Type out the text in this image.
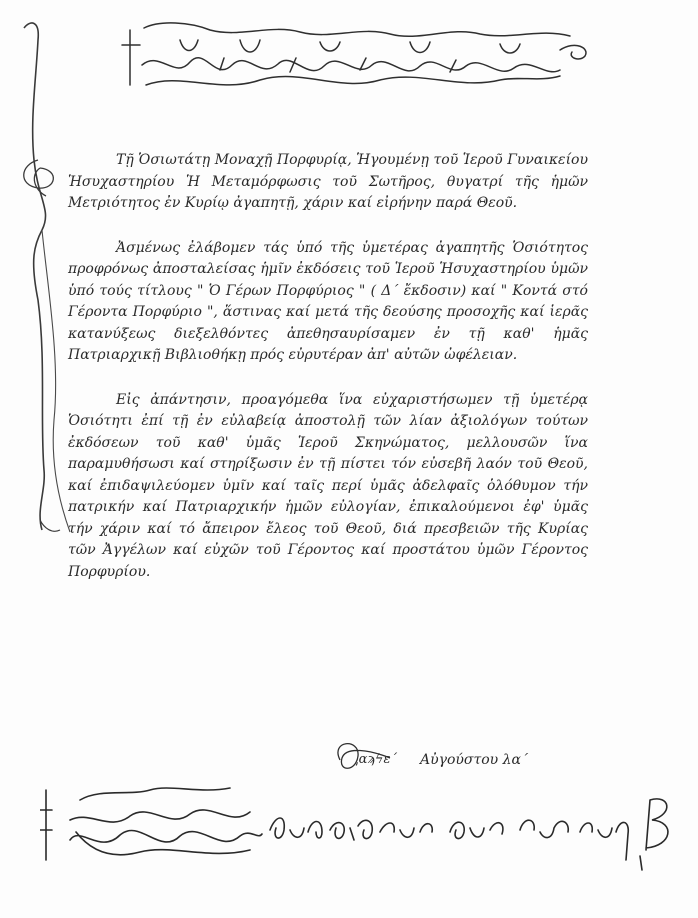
Τῇ Ὁσιωτάτῃ Μοναχῇ Πορφυρίᾳ, Ἡγουμένῃ τοῦ Ἱεροῦ Γυναικείου Ἡσυχαστηρίου Ἡ Μεταμόρφωσις τοῦ Σωτῆρος, θυγατρί τῆς ἡμῶν Μετριότητος ἐν Κυρίῳ ἀγαπητῇ, χάριν καί εἰρήνην παρά Θεοῦ.

Ἀσμένως ἐλάβομεν τάς ὑπό τῆς ὑμετέρας ἀγαπητῆς Ὁσιότητος προφρόνως ἀποσταλείσας ἡμῖν ἐκδόσεις τοῦ Ἱεροῦ Ἡσυχαστηρίου ὑμῶν ὑπό τούς τίτλους " Ὁ Γέρων Πορφύριος " ( Δ΄ ἔκδοσιν) καί " Κοντά στό Γέροντα Πορφύριο ", ἅστινας καί μετά τῆς δεούσης προσοχῆς καί ἱερᾶς κατανύξεως διεξελθόντες ἀπεθησαυρίσαμεν ἐν τῇ καθ' ἡμᾶς Πατριαρχικῇ Βιβλιοθήκῃ πρός εὐρυτέραν ἀπ' αὐτῶν ὠφέλειαν.

Εἰς ἀπάντησιν, προαγόμεθα ἵνα εὐχαριστήσωμεν τῇ ὑμετέρᾳ Ὁσιότητι ἐπί τῇ ἐν εὐλαβείᾳ ἀποστολῇ τῶν λίαν ἀξιολόγων τούτων ἐκδόσεων τοῦ καθ' ὑμᾶς Ἱεροῦ Σκηνώματος, μελλουσῶν ἵνα παραμυθήσωσι καί στηρίξωσιν ἐν τῇ πίστει τόν εὐσεβῆ λαόν τοῦ Θεοῦ, καί ἐπιδαψιλεύομεν ὑμῖν καί ταῖς περί ὑμᾶς ἀδελφαῖς ὁλόθυμον τήν πατρικήν καί Πατριαρχικήν ἡμῶν εὐλογίαν, ἐπικαλούμενοι ἐφ' ὑμᾶς τήν χάριν καί τό ἄπειρον ἔλεος τοῦ Θεοῦ, διά πρεσβειῶν τῆς Κυρίας τῶν Ἀγγέλων καί εὐχῶν τοῦ Γέροντος καί προστάτου ὑμῶν Γέροντος Πορφυρίου.

͵αϡϟε΄ Αὐγούστου λα΄
